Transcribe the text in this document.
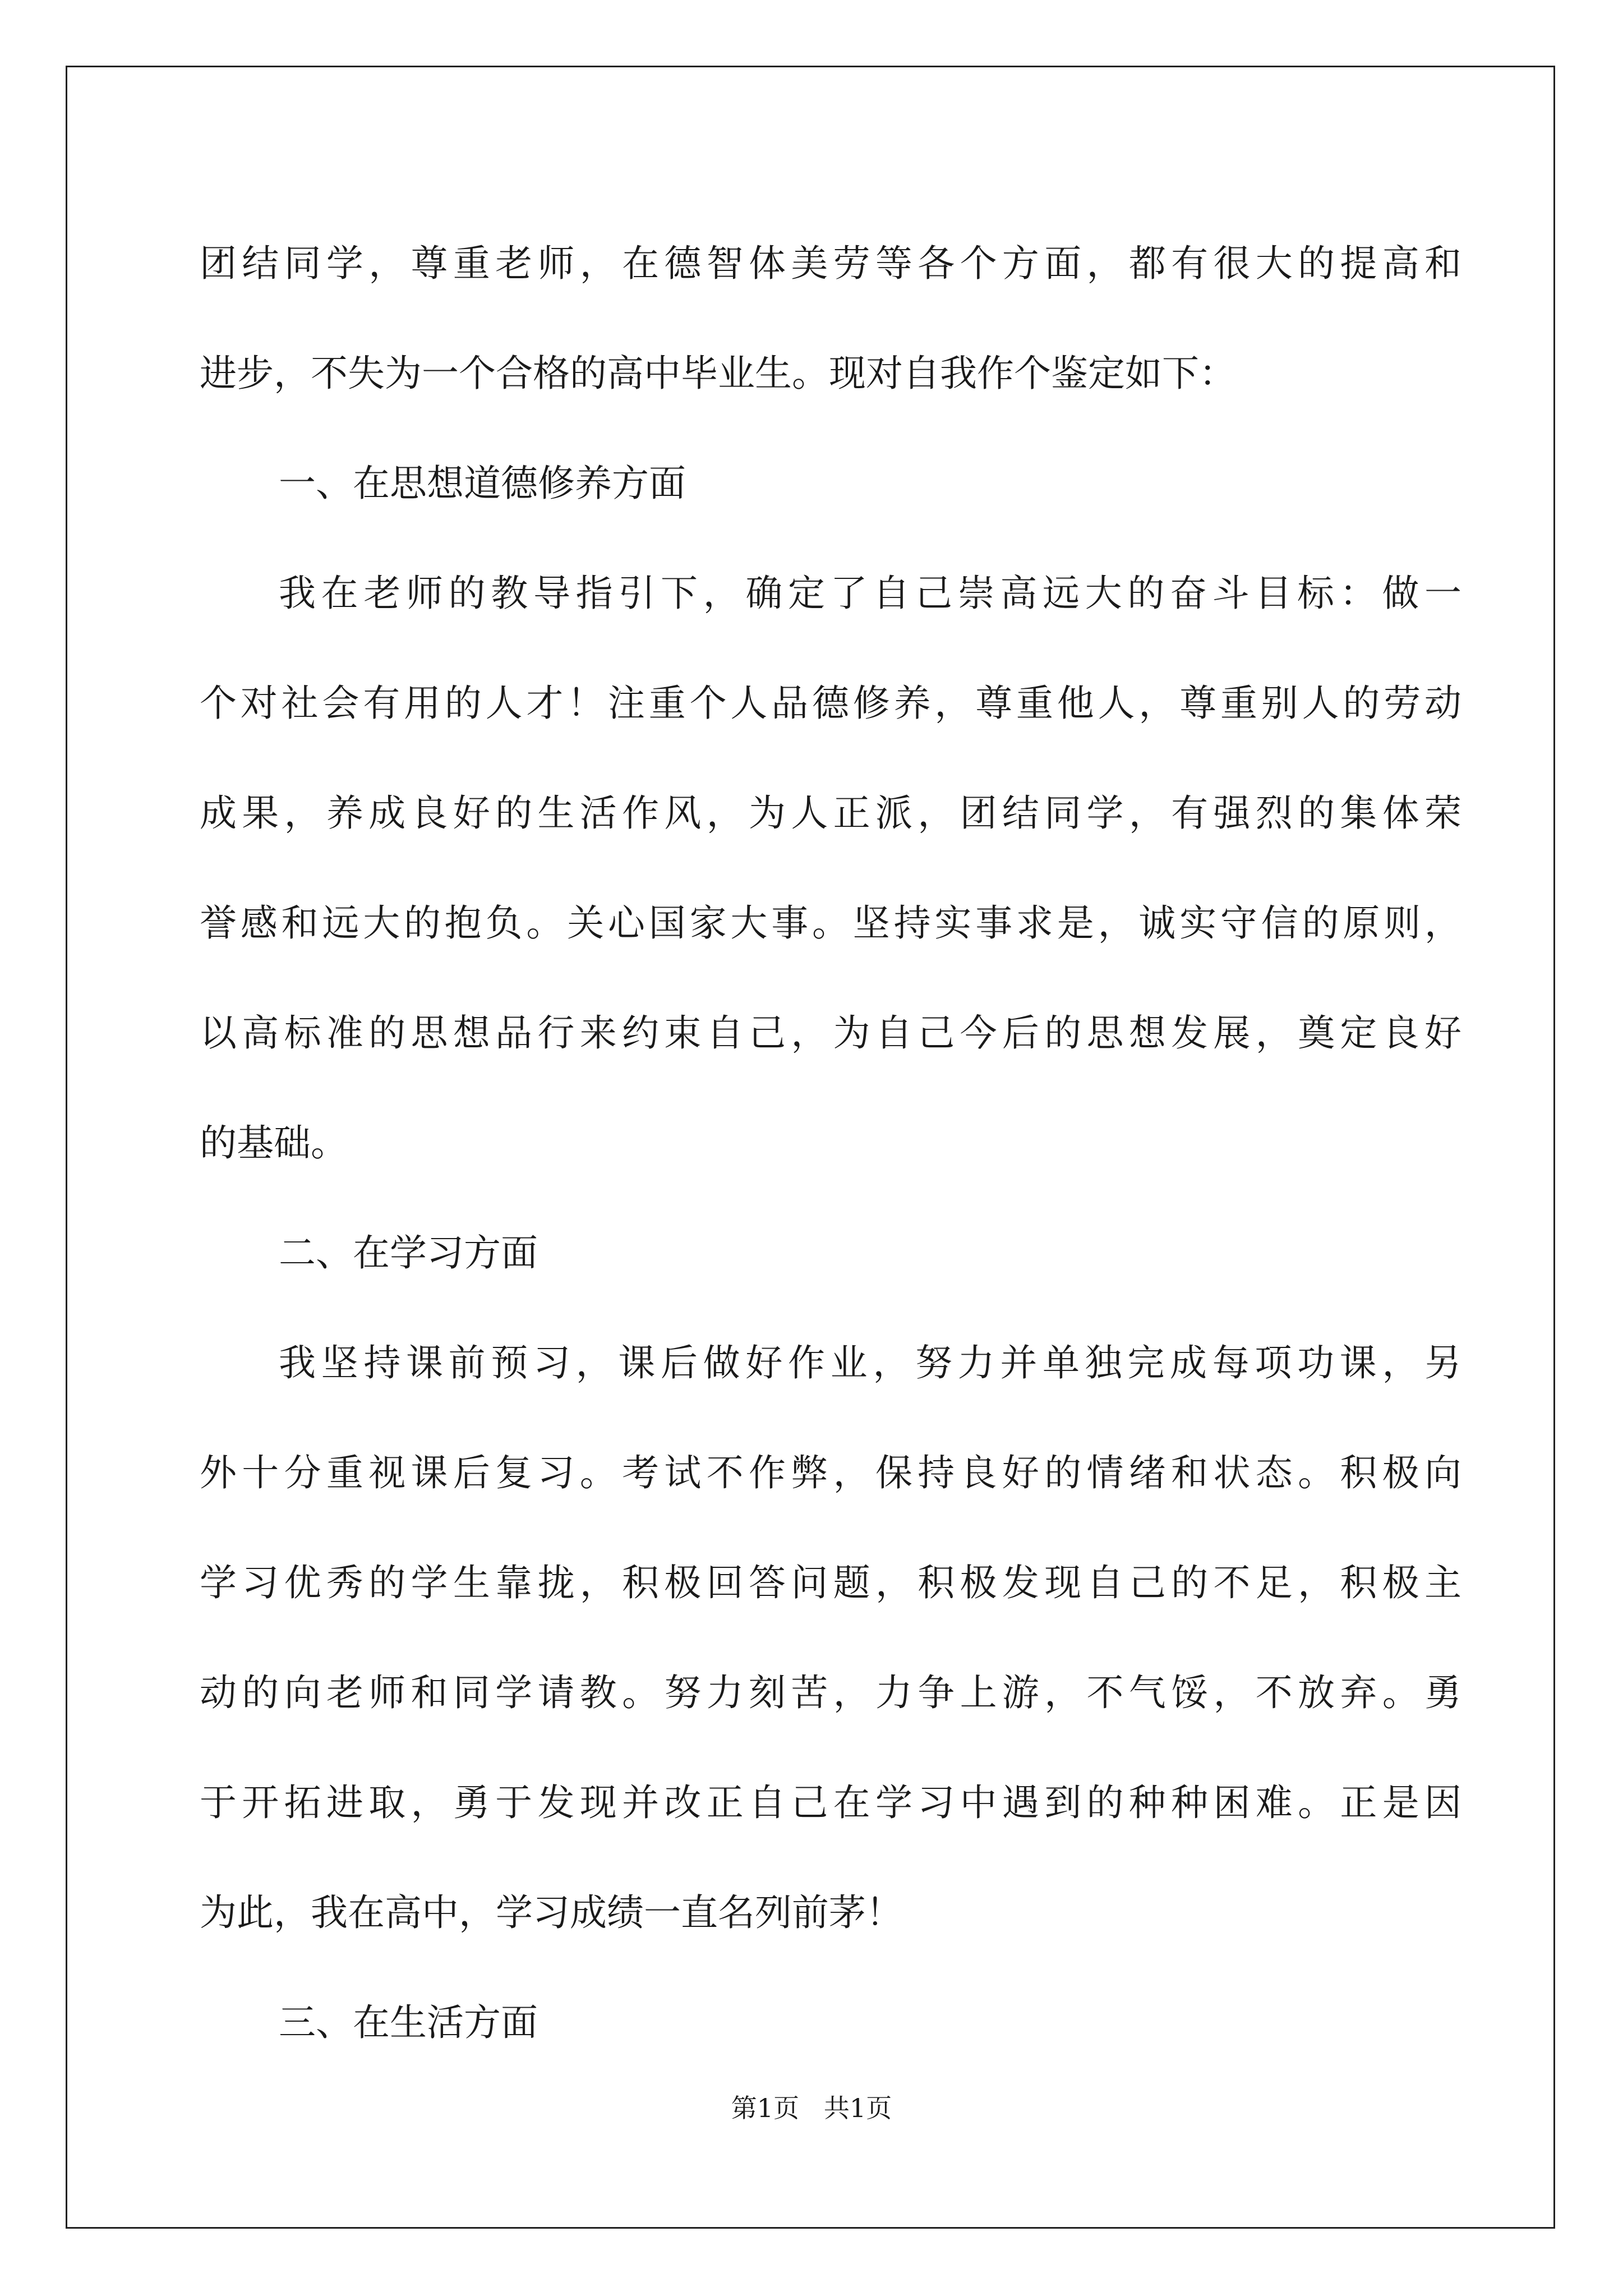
团结同学，尊重老师，在德智体美劳等各个方面，都有很大的提高和
进步，不失为一个合格的高中毕业生。现对自我作个鉴定如下：
一、在思想道德修养方面
我在老师的教导指引下，确定了自己崇高远大的奋斗目标：做一
个对社会有用的人才！注重个人品德修养，尊重他人，尊重别人的劳动
成果，养成良好的生活作风，为人正派，团结同学，有强烈的集体荣
誉感和远大的抱负。关心国家大事。坚持实事求是，诚实守信的原则，
以高标准的思想品行来约束自己，为自己今后的思想发展，奠定良好
的基础。
二、在学习方面
我坚持课前预习，课后做好作业，努力并单独完成每项功课，另
外十分重视课后复习。考试不作弊，保持良好的情绪和状态。积极向
学习优秀的学生靠拢，积极回答问题，积极发现自己的不足，积极主
动的向老师和同学请教。努力刻苦，力争上游，不气馁，不放弃。勇
于开拓进取，勇于发现并改正自己在学习中遇到的种种困难。正是因
为此，我在高中，学习成绩一直名列前茅！
三、在生活方面
第1页   共1页
